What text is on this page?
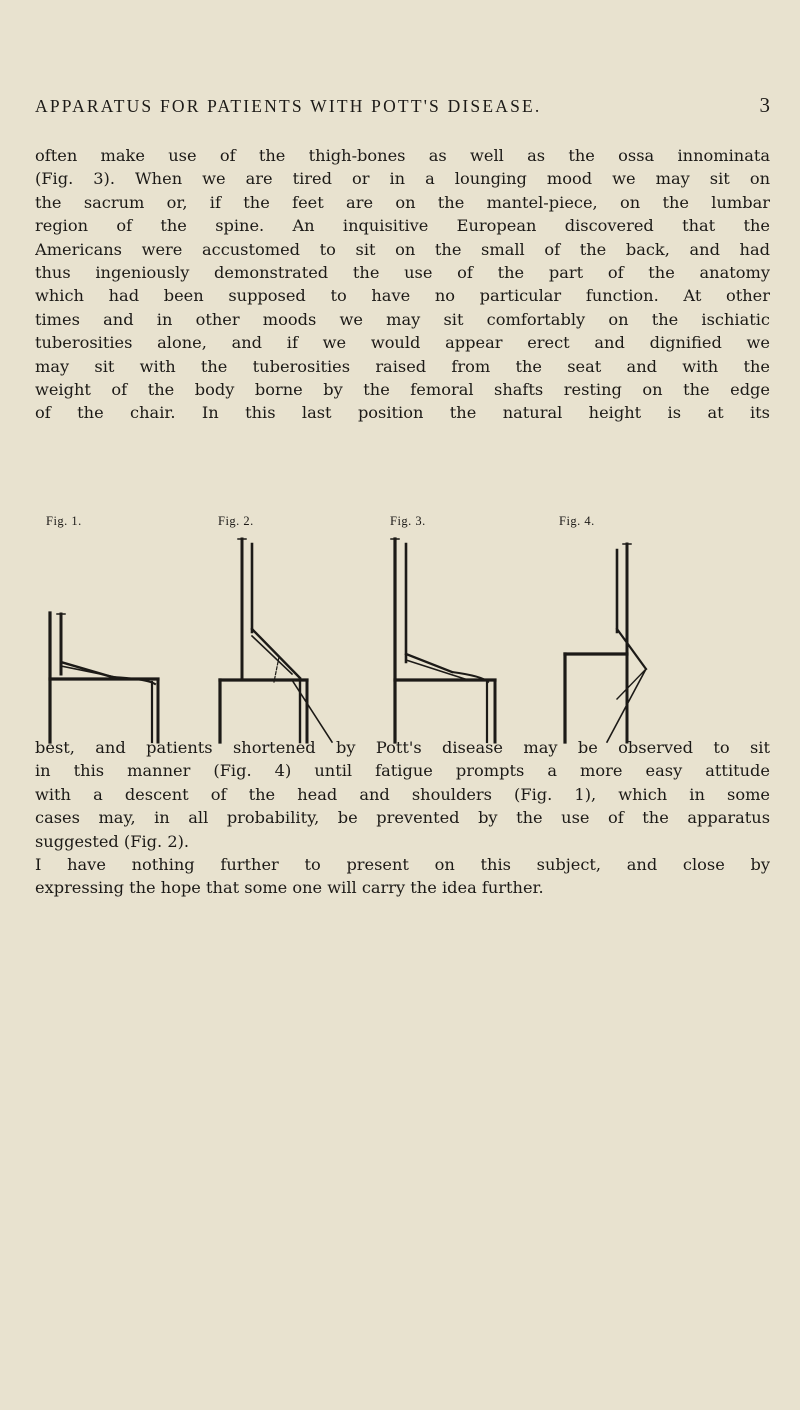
APPARATUS FOR PATIENTS WITH POTT'S DISEASE.	3
often make use of the thigh-bones as well as the ossa innominata
(Fig. 3). When we are tired or in a lounging mood we may sit on
the sacrum or, if the feet are on the mantel-piece, on the lumbar
region of the spine. An inquisitive European discovered that the
Americans were accustomed to sit on the small of the back, and had
thus ingeniously demonstrated the use of the part of the anatomy
which had been supposed to have no particular function. At other
times and in other moods we may sit comfortably on the ischiatic
tuberosities alone, and if we would appear erect and dignified we
may sit with the tuberosities raised from the seat and with the
weight of the body borne by the femoral shafts resting on the edge
of the chair. In this last position the natural height is at its
Fig. 1.	Fig. 2.	Fig. 3.	Fig. 4.
best, and patients shortened by Pott's disease may be observed to sit
in this manner (Fig. 4) until fatigue prompts a more easy attitude
with a descent of the head and shoulders (Fig. 1), which in some
cases may, in all probability, be prevented by the use of the apparatus
suggested (Fig. 2).
I have nothing further to present on this subject, and close by
expressing the hope that some one will carry the idea further.
